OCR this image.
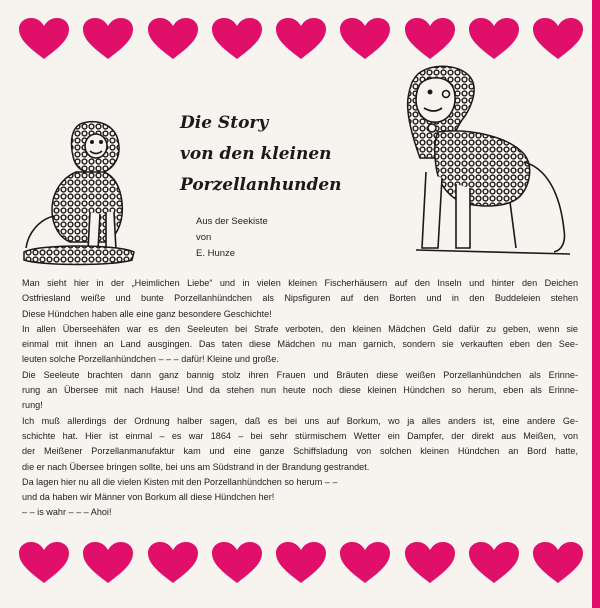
Die Story
von den kleinen
Porzellanhunden
Aus der Seekiste
von
E. Hunze

Man sieht hier in der „Heimlichen Liebe“ und in vielen kleinen Fischerhäusern auf den Inseln und hinter den Deichen

Ostfriesland weiße und bunte Porzellanhündchen als Nipsfiguren auf den Borten und in den Buddeleien stehen

Diese Hündchen haben alle eine ganz besondere Geschichte!

In allen Überseehäfen war es den Seeleuten bei Strafe verboten, den kleinen Mädchen Geld dafür zu geben, wenn sie

einmal mit ihnen an Land ausgingen. Das taten diese Mädchen nu man garnich, sondern sie verkauften eben den See-

leuten solche Porzellanhündchen – – – dafür! Kleine und große.

Die Seeleute brachten dann ganz bannig stolz ihren Frauen und Bräuten diese weißen Porzellanhündchen als Erinne-

rung an Übersee mit nach Hause! Und da stehen nun heute noch diese kleinen Hündchen so herum, eben als Erinne-

rung!

Ich muß allerdings der Ordnung halber sagen, daß es bei uns auf Borkum, wo ja alles anders ist, eine andere Ge-

schichte hat. Hier ist einmal – es war 1864 – bei sehr stürmischem Wetter ein Dampfer, der direkt aus Meißen, von

der Meißener Porzellanmanufaktur kam und eine ganze Schiffsladung von solchen kleinen Hündchen an Bord hatte,

die er nach Übersee bringen sollte, bei uns am Südstrand in der Brandung gestrandet.

Da lagen hier nu all die vielen Kisten mit den Porzellanhündchen so herum – –

und da haben wir Männer von Borkum all diese Hündchen her!

– – is wahr – – – Ahoi!
